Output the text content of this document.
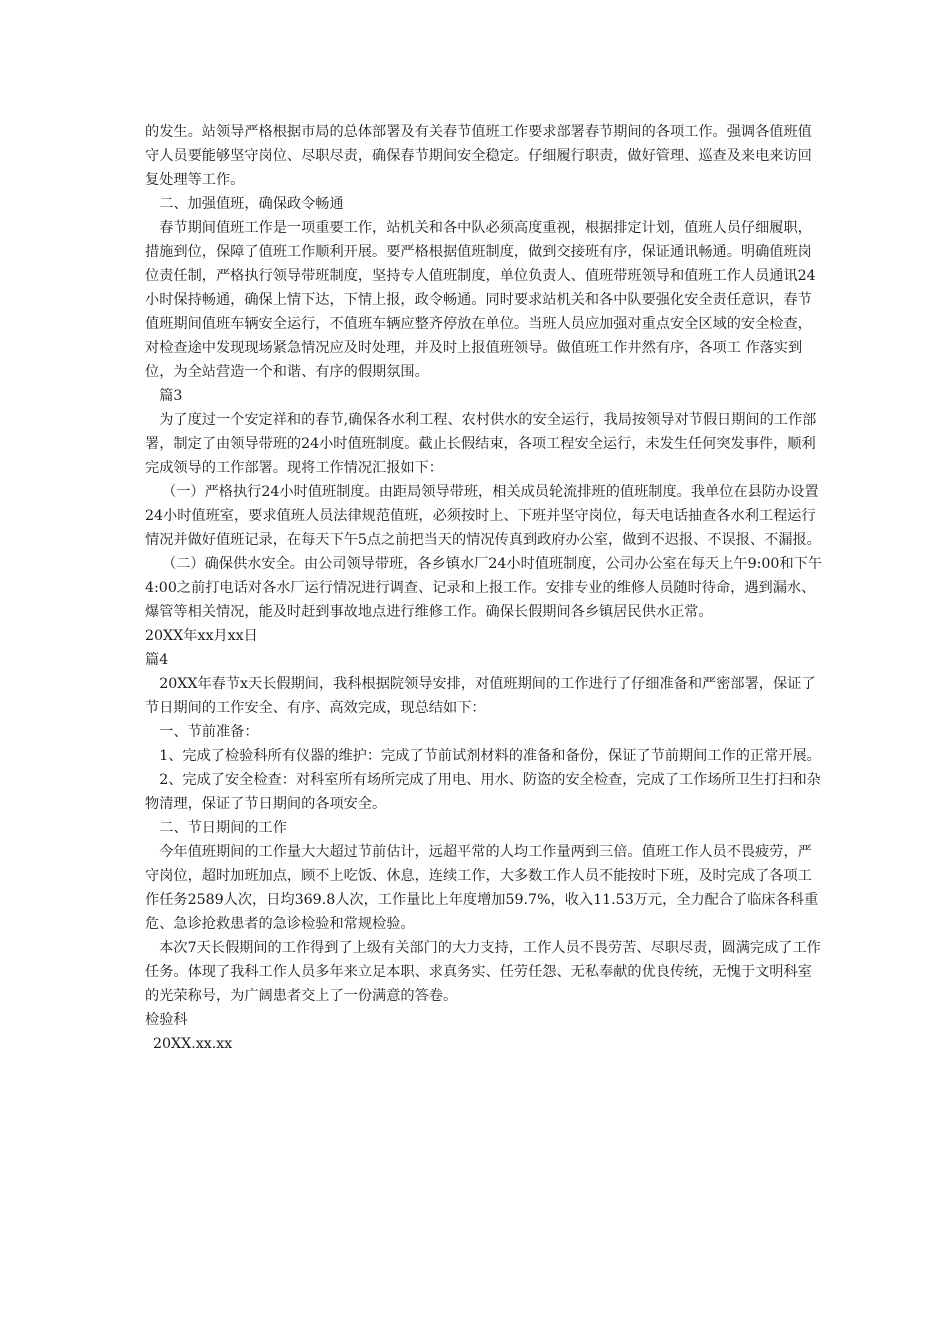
的发生。站领导严格根据市局的总体部署及有关春节值班工作要求部署春节期间的各项工作。强调各值班值守人员要能够坚守岗位、尽职尽责，确保春节期间安全稳定。仔细履行职责，做好管理、巡查及来电来访回复处理等工作。

二、加强值班，确保政令畅通

春节期间值班工作是一项重要工作，站机关和各中队必须高度重视，根据排定计划，值班人员仔细履职，措施到位，保障了值班工作顺利开展。要严格根据值班制度，做到交接班有序，保证通讯畅通。明确值班岗位责任制，严格执行领导带班制度，坚持专人值班制度，单位负责人、值班带班领导和值班工作人员通讯24小时保持畅通，确保上情下达，下情上报，政令畅通。同时要求站机关和各中队要强化安全责任意识，春节值班期间值班车辆安全运行，不值班车辆应整齐停放在单位。当班人员应加强对重点安全区域的安全检查，对检查途中发现现场紧急情况应及时处理，并及时上报值班领导。做值班工作井然有序，各项工 作落实到位，为全站营造一个和谐、有序的假期氛围。

篇3

为了度过一个安定祥和的春节,确保各水利工程、农村供水的安全运行，我局按领导对节假日期间的工作部署，制定了由领导带班的24小时值班制度。截止长假结束，各项工程安全运行，未发生任何突发事件，顺利完成领导的工作部署。现将工作情况汇报如下：

（一）严格执行24小时值班制度。由距局领导带班，相关成员轮流排班的值班制度。我单位在县防办设置24小时值班室，要求值班人员法律规范值班，必须按时上、下班并坚守岗位，每天电话抽查各水利工程运行情况并做好值班记录，在每天下午5点之前把当天的情况传真到政府办公室，做到不迟报、不误报、不漏报。

（二）确保供水安全。由公司领导带班，各乡镇水厂24小时值班制度，公司办公室在每天上午9:00和下午4:00之前打电话对各水厂运行情况进行调查、记录和上报工作。安排专业的维修人员随时待命，遇到漏水、爆管等相关情况，能及时赶到事故地点进行维修工作。确保长假期间各乡镇居民供水正常。

20XX年xx月xx日

篇4

20XX年春节x天长假期间，我科根据院领导安排，对值班期间的工作进行了仔细准备和严密部署，保证了节日期间的工作安全、有序、高效完成，现总结如下：

一、节前准备：

1、完成了检验科所有仪器的维护：完成了节前试剂材料的准备和备份，保证了节前期间工作的正常开展。

2、完成了安全检查：对科室所有场所完成了用电、用水、防盗的安全检查，完成了工作场所卫生打扫和杂物清理，保证了节日期间的各项安全。

二、节日期间的工作

今年值班期间的工作量大大超过节前估计，远超平常的人均工作量两到三倍。值班工作人员不畏疲劳，严守岗位，超时加班加点，顾不上吃饭、休息，连续工作，大多数工作人员不能按时下班，及时完成了各项工作任务2589人次，日均369.8人次，工作量比上年度增加59.7%，收入11.53万元，全力配合了临床各科重危、急诊抢救患者的急诊检验和常规检验。

本次7天长假期间的工作得到了上级有关部门的大力支持，工作人员不畏劳苦、尽职尽责，圆满完成了工作任务。体现了我科工作人员多年来立足本职、求真务实、任劳任怨、无私奉献的优良传统，无愧于文明科室的光荣称号，为广阔患者交上了一份满意的答卷。

检验科

20XX.xx.xx
